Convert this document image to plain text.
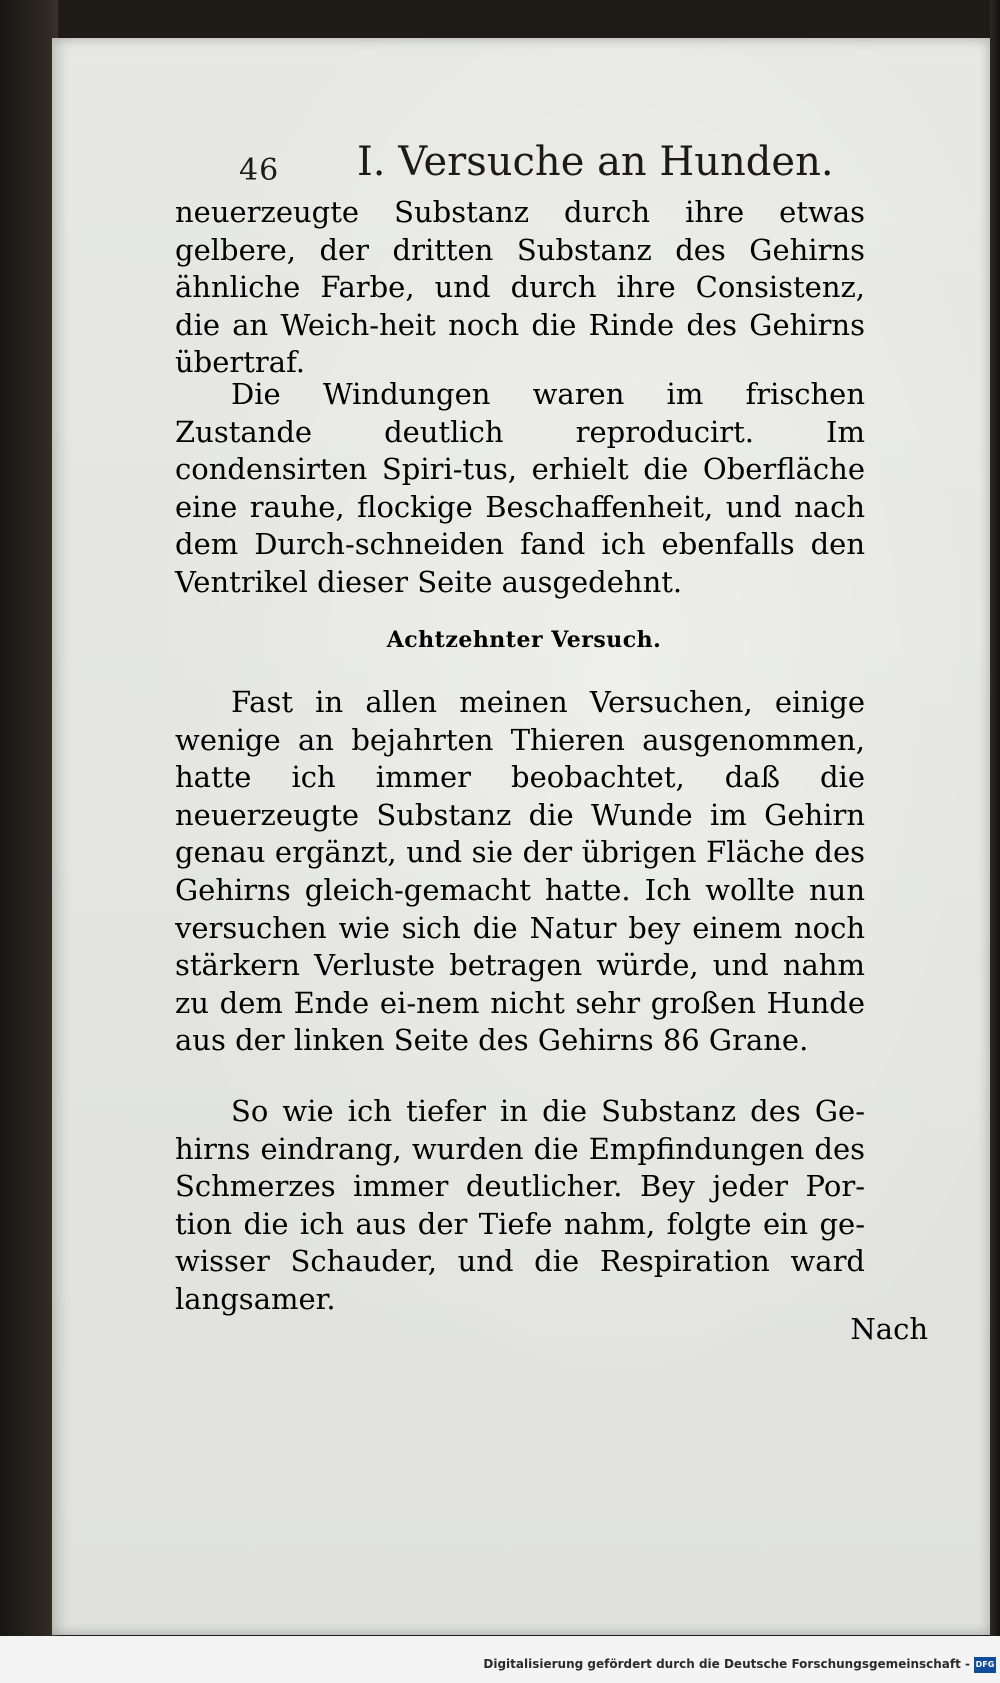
46 I. Versuche an Hunden.

neuerzeugte Substanz durch ihre etwas gelbere, der dritten Substanz des Gehirns ähnliche Farbe, und durch ihre Consistenz, die an Weich-heit noch die Rinde des Gehirns übertraf.

Die Windungen waren im frischen Zustande deutlich reproducirt. Im condensirten Spiri-tus, erhielt die Oberfläche eine rauhe, flockige Beschaffenheit, und nach dem Durch-schneiden fand ich ebenfalls den Ventrikel dieser Seite ausgedehnt.

Achtzehnter Versuch.

Fast in allen meinen Versuchen, einige wenige an bejahrten Thieren ausgenommen, hatte ich immer beobachtet, daß die neuerzeugte Substanz die Wunde im Gehirn genau ergänzt, und sie der übrigen Fläche des Gehirns gleich-gemacht hatte. Ich wollte nun versuchen wie sich die Natur bey einem noch stärkern Verluste betragen würde, und nahm zu dem Ende ei-nem nicht sehr großen Hunde aus der linken Seite des Gehirns 86 Grane.

So wie ich tiefer in die Substanz des Ge-hirns eindrang, wurden die Empfindungen des Schmerzes immer deutlicher. Bey jeder Por-tion die ich aus der Tiefe nahm, folgte ein ge-wisser Schauder, und die Respiration ward langsamer.

Nach
Digitalisierung gefördert durch die Deutsche Forschungsgemeinschaft - DFG
